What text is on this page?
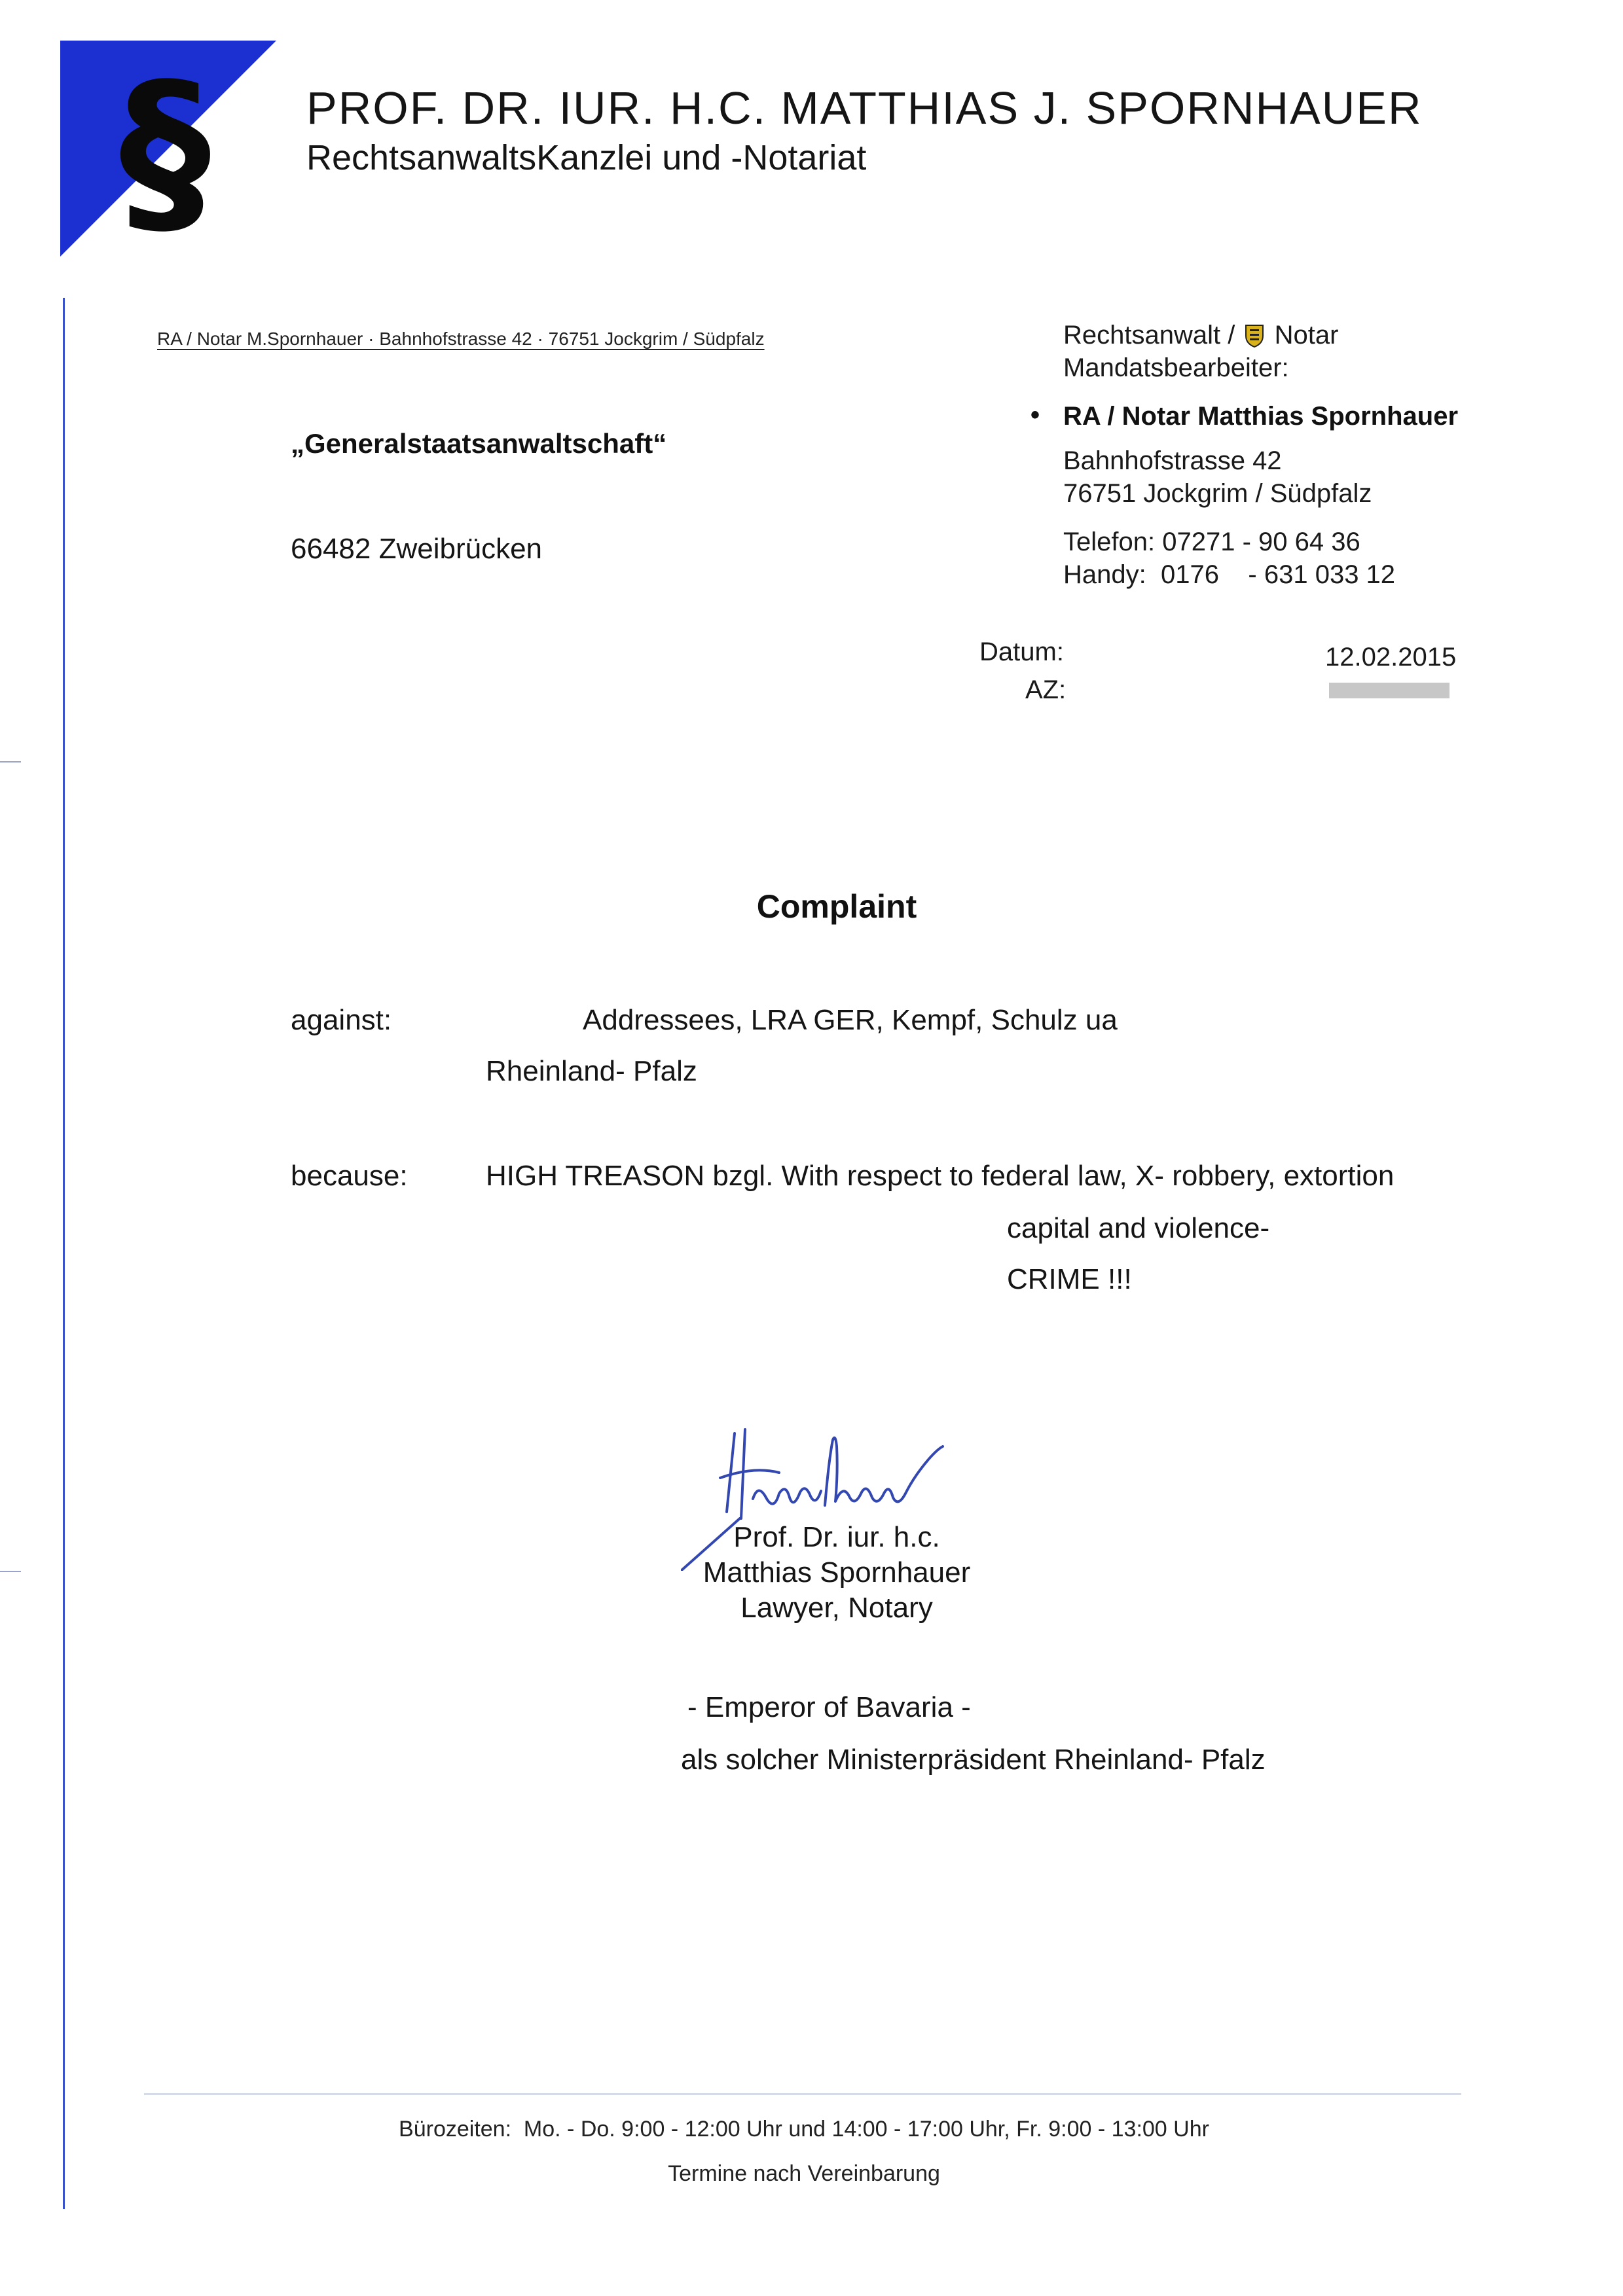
§ PROF. DR. IUR. H.C. MATTHIAS J. SPORNHAUER
RechtsanwaltsKanzlei und -Notariat
RA / Notar M.Spornhauer · Bahnhofstrasse 42 · 76751 Jockgrim / Südpfalz
„Generalstaatsanwaltschaft“
66482 Zweibrücken
Rechtsanwalt / Notar
Mandatsbearbeiter:
• RA / Notar Matthias Spornhauer
Bahnhofstrasse 42
76751 Jockgrim / Südpfalz
Telefon: 07271 - 90 64 36
Handy: 0176    - 631 033 12
Datum:	12.02.2015
AZ:
Complaint
against:	Addressees, LRA GER, Kempf, Schulz ua
Rheinland- Pfalz
because:	HIGH TREASON bzgl. With respect to federal law, X- robbery, extortion
capital and violence-
CRIME !!!
Prof. Dr. iur. h.c.
Matthias Spornhauer
Lawyer, Notary
- Emperor of Bavaria -
als solcher Ministerpräsident Rheinland- Pfalz
Bürozeiten:  Mo. - Do. 9:00 - 12:00 Uhr und 14:00 - 17:00 Uhr, Fr. 9:00 - 13:00 Uhr
Termine nach Vereinbarung
